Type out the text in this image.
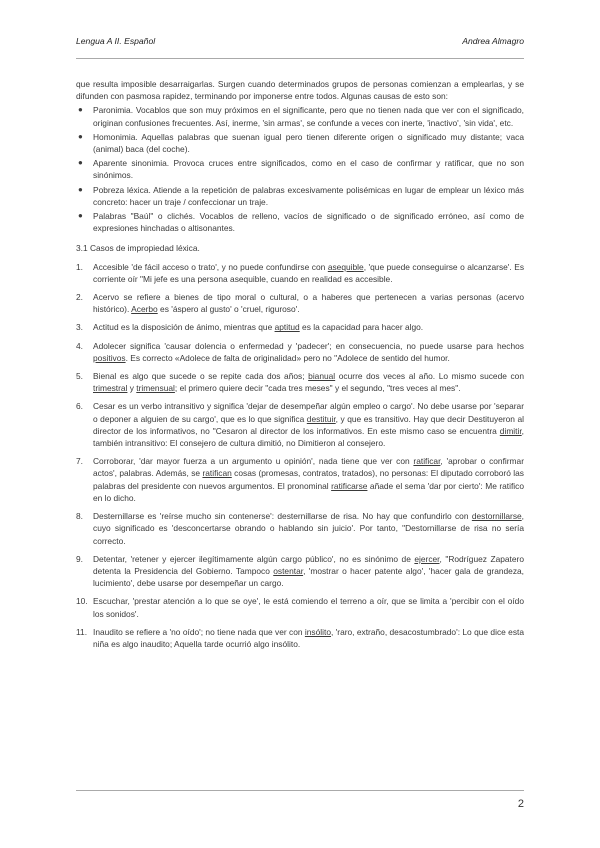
Lengua A II. Español	Andrea Almagro

que resulta imposible desarraigarlas. Surgen cuando determinados grupos de personas comienzan a emplearlas, y se difunden con pasmosa rapidez, terminando por imponerse entre todos. Algunas causas de esto son:

● Paronimia. Vocablos que son muy próximos en el significante, pero que no tienen nada que ver con el significado, originan confusiones frecuentes. Así, inerme, 'sin armas', se confunde a veces con inerte, 'inactivo', 'sin vida', etc.
● Homonimia. Aquellas palabras que suenan igual pero tienen diferente origen o significado muy distante; vaca (animal) baca (del coche).
● Aparente sinonimia. Provoca cruces entre significados, como en el caso de confirmar y ratificar, que no son sinónimos.
● Pobreza léxica. Atiende a la repetición de palabras excesivamente polisémicas en lugar de emplear un léxico más concreto: hacer un traje / confeccionar un traje.
● Palabras "Baúl" o clichés. Vocablos de relleno, vacíos de significado o de significado erróneo, así como de expresiones hinchadas o altisonantes.

3.1 Casos de impropiedad léxica.

1. Accesible 'de fácil acceso o trato', y no puede confundirse con asequible, 'que puede conseguirse o alcanzarse'. Es corriente oír "Mi jefe es una persona asequible, cuando en realidad es accesible.
2. Acervo se refiere a bienes de tipo moral o cultural, o a haberes que pertenecen a varias personas (acervo histórico). Acerbo es 'áspero al gusto' o 'cruel, riguroso'.
3. Actitud es la disposición de ánimo, mientras que aptitud es la capacidad para hacer algo.
4. Adolecer significa 'causar dolencia o enfermedad y 'padecer'; en consecuencia, no puede usarse para hechos positivos. Es correcto «Adolece de falta de originalidad» pero no "Adolece de sentido del humor.
5. Bienal es algo que sucede o se repite cada dos años; bianual ocurre dos veces al año. Lo mismo sucede con trimestral y trimensual; el primero quiere decir "cada tres meses" y el segundo, "tres veces al mes".
6. Cesar es un verbo intransitivo y significa 'dejar de desempeñar algún empleo o cargo'. No debe usarse por 'separar o deponer a alguien de su cargo', que es lo que significa destituir, y que es transitivo. Hay que decir Destituyeron al director de los informativos, no "Cesaron al director de los informativos. En este mismo caso se encuentra dimitir, también intransitivo: El consejero de cultura dimitió, no Dimitieron al consejero.
7. Corroborar, 'dar mayor fuerza a un argumento u opinión', nada tiene que ver con ratificar, 'aprobar o confirmar actos', palabras. Además, se ratifican cosas (promesas, contratos, tratados), no personas: El diputado corroboró las palabras del presidente con nuevos argumentos. El pronominal ratificarse añade el sema 'dar por cierto': Me ratifico en lo dicho.
8. Desternillarse es 'reírse mucho sin contenerse': desternillarse de risa. No hay que confundirlo con destornillarse, cuyo significado es 'desconcertarse obrando o hablando sin juicio'. Por tanto, "Destornillarse de risa no sería correcto.
9. Detentar, 'retener y ejercer ilegítimamente algún cargo público', no es sinónimo de ejercer, "Rodríguez Zapatero detenta la Presidencia del Gobierno. Tampoco ostentar, 'mostrar o hacer patente algo', 'hacer gala de grandeza, lucimiento', debe usarse por desempeñar un cargo.
10. Escuchar, 'prestar atención a lo que se oye', le está comiendo el terreno a oír, que se limita a 'percibir con el oído los sonidos'.
11. Inaudito se refiere a 'no oído'; no tiene nada que ver con insólito, 'raro, extraño, desacostumbrado': Lo que dice esta niña es algo inaudito; Aquella tarde ocurrió algo insólito.
2
